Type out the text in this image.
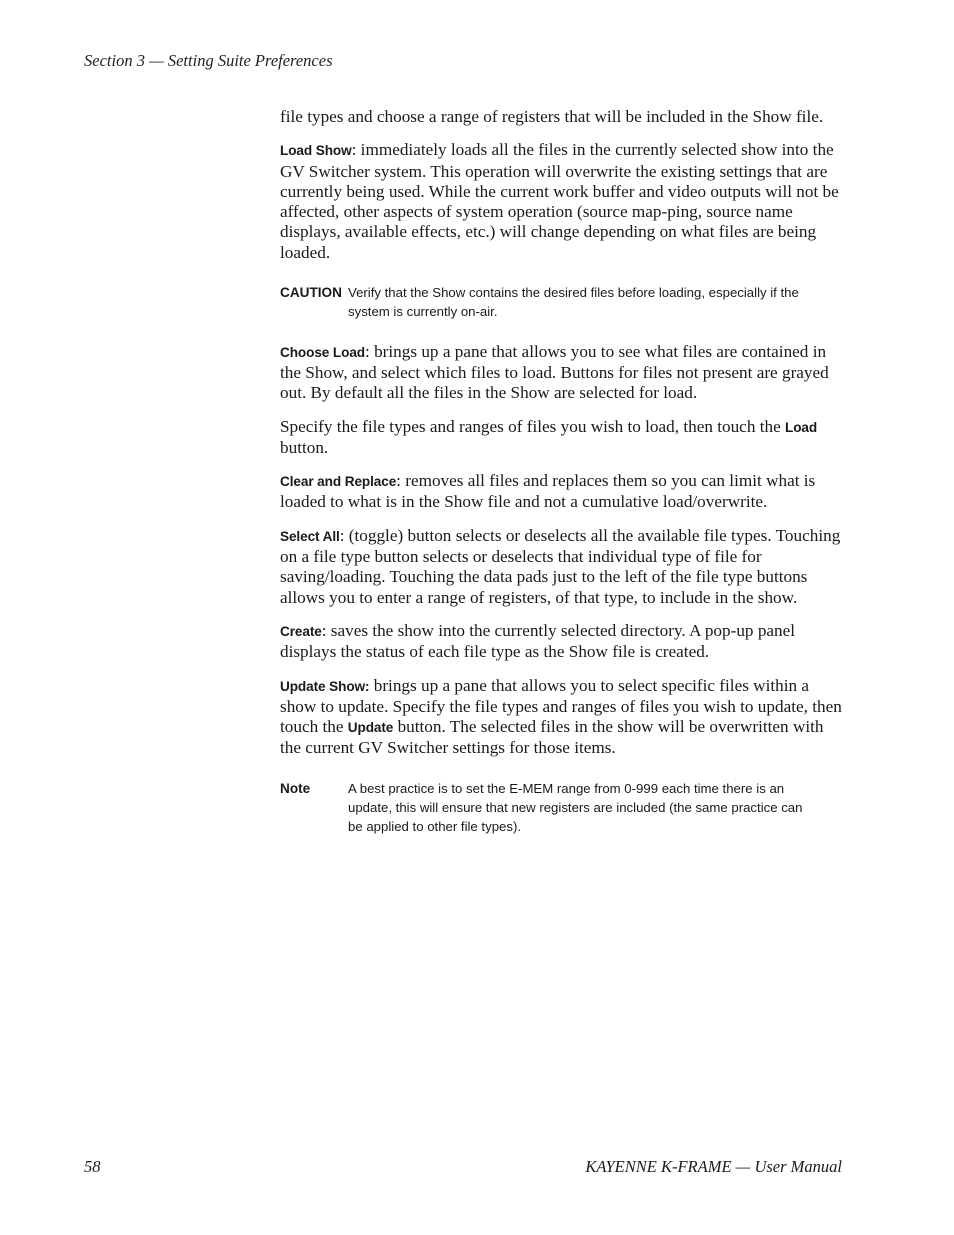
Section 3 — Setting Suite Preferences

file types and choose a range of registers that will be included in the Show file.

Load Show: immediately loads all the files in the currently selected show into the GV Switcher system. This operation will overwrite the existing settings that are currently being used. While the current work buffer and video outputs will not be affected, other aspects of system operation (source map-ping, source name displays, available effects, etc.) will change depending on what files are being loaded.

CAUTION Verify that the Show contains the desired files before loading, especially if the system is currently on-air.

Choose Load: brings up a pane that allows you to see what files are contained in the Show, and select which files to load. Buttons for files not present are grayed out. By default all the files in the Show are selected for load.

Specify the file types and ranges of files you wish to load, then touch the Load button.

Clear and Replace: removes all files and replaces them so you can limit what is loaded to what is in the Show file and not a cumulative load/overwrite.

Select All: (toggle) button selects or deselects all the available file types. Touching on a file type button selects or deselects that individual type of file for saving/loading. Touching the data pads just to the left of the file type buttons allows you to enter a range of registers, of that type, to include in the show.

Create: saves the show into the currently selected directory. A pop-up panel displays the status of each file type as the Show file is created.

Update Show: brings up a pane that allows you to select specific files within a show to update. Specify the file types and ranges of files you wish to update, then touch the Update button. The selected files in the show will be overwritten with the current GV Switcher settings for those items.

Note	A best practice is to set the E-MEM range from 0-999 each time there is an update, this will ensure that new registers are included (the same practice can be applied to other file types).
58	KAYENNE K-FRAME — User Manual
